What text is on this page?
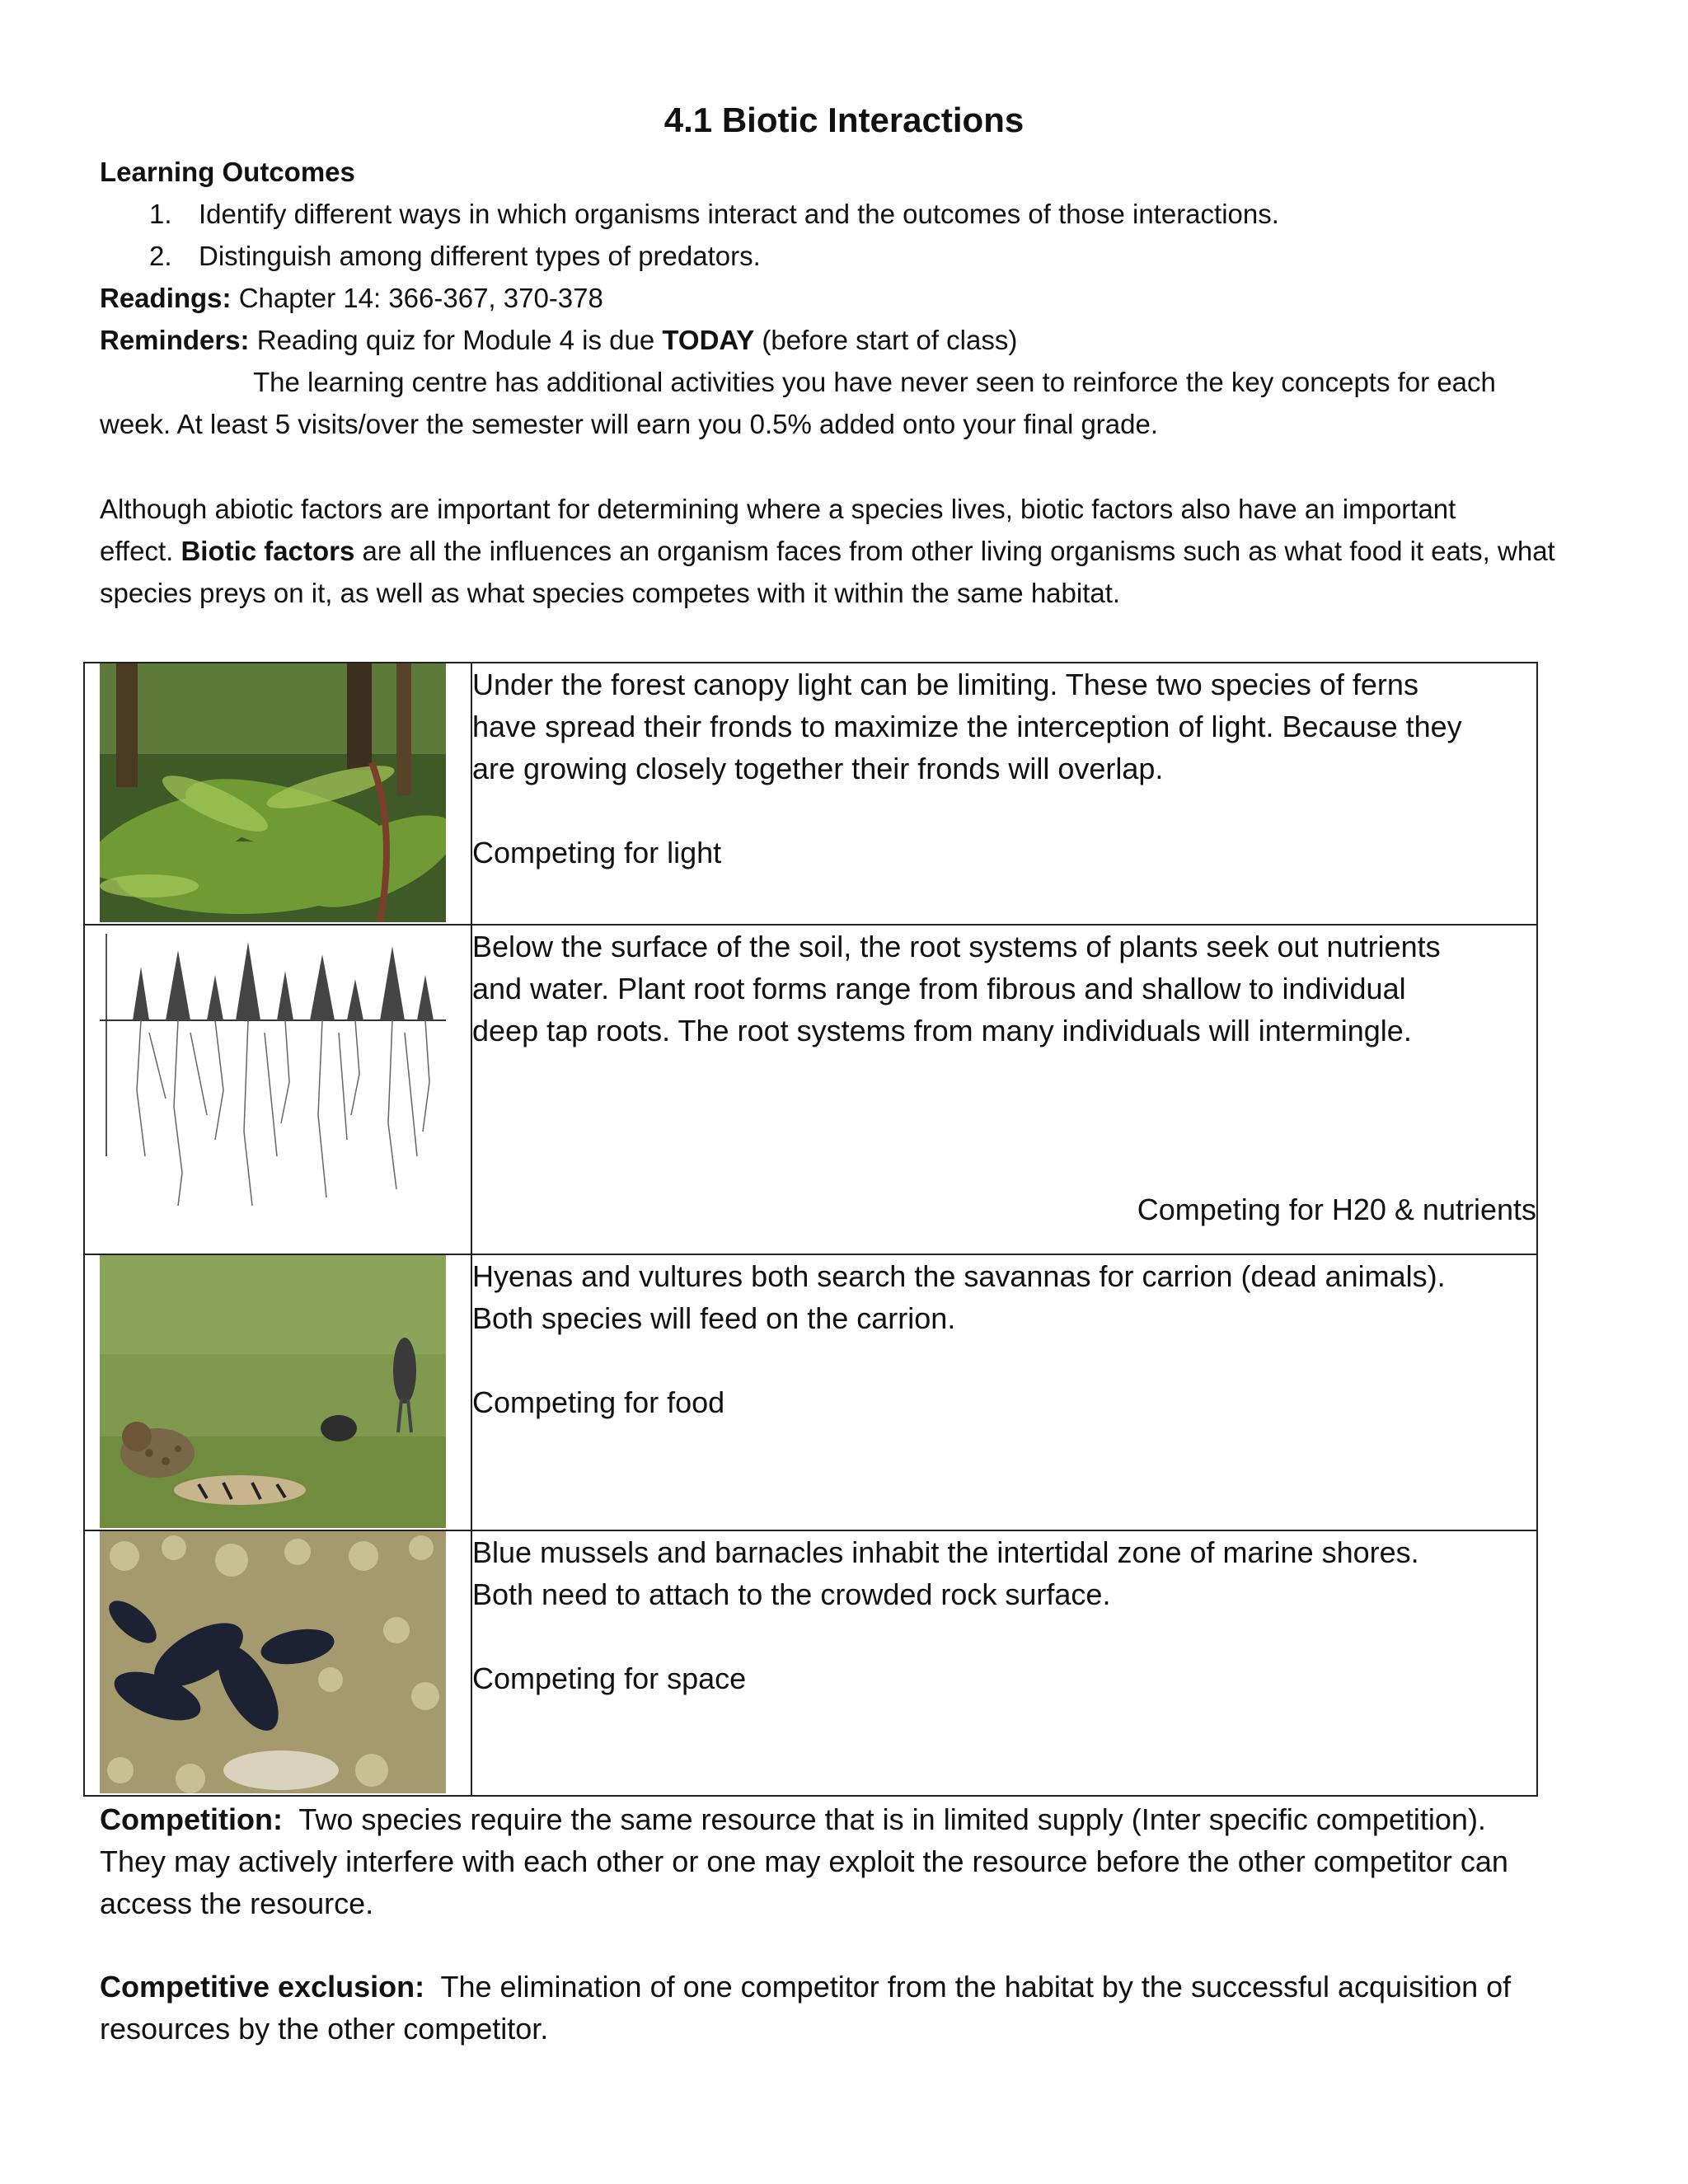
4.1 Biotic Interactions
Learning Outcomes
1. Identify different ways in which organisms interact and the outcomes of those interactions.
2. Distinguish among different types of predators.
Readings: Chapter 14: 366-367, 370-378
Reminders: Reading quiz for Module 4 is due TODAY (before start of class)
The learning centre has additional activities you have never seen to reinforce the key concepts for each
week. At least 5 visits/over the semester will earn you 0.5% added onto your final grade.
Although abiotic factors are important for determining where a species lives, biotic factors also have an important
effect. Biotic factors are all the influences an organism faces from other living organisms such as what food it eats, what
species preys on it, as well as what species competes with it within the same habitat.

Under the forest canopy light can be limiting. These two species of ferns
have spread their fronds to maximize the interception of light. Because they
are growing closely together their fronds will overlap.
Competing for light

Below the surface of the soil, the root systems of plants seek out nutrients
and water. Plant root forms range from fibrous and shallow to individual
deep tap roots. The root systems from many individuals will intermingle.
Competing for H20 & nutrients

Hyenas and vultures both search the savannas for carrion (dead animals).
Both species will feed on the carrion.
Competing for food

Blue mussels and barnacles inhabit the intertidal zone of marine shores.
Both need to attach to the crowded rock surface.
Competing for space
Competition:  Two species require the same resource that is in limited supply (Inter specific competition).
They may actively interfere with each other or one may exploit the resource before the other competitor can
access the resource.
Competitive exclusion:  The elimination of one competitor from the habitat by the successful acquisition of
resources by the other competitor.
